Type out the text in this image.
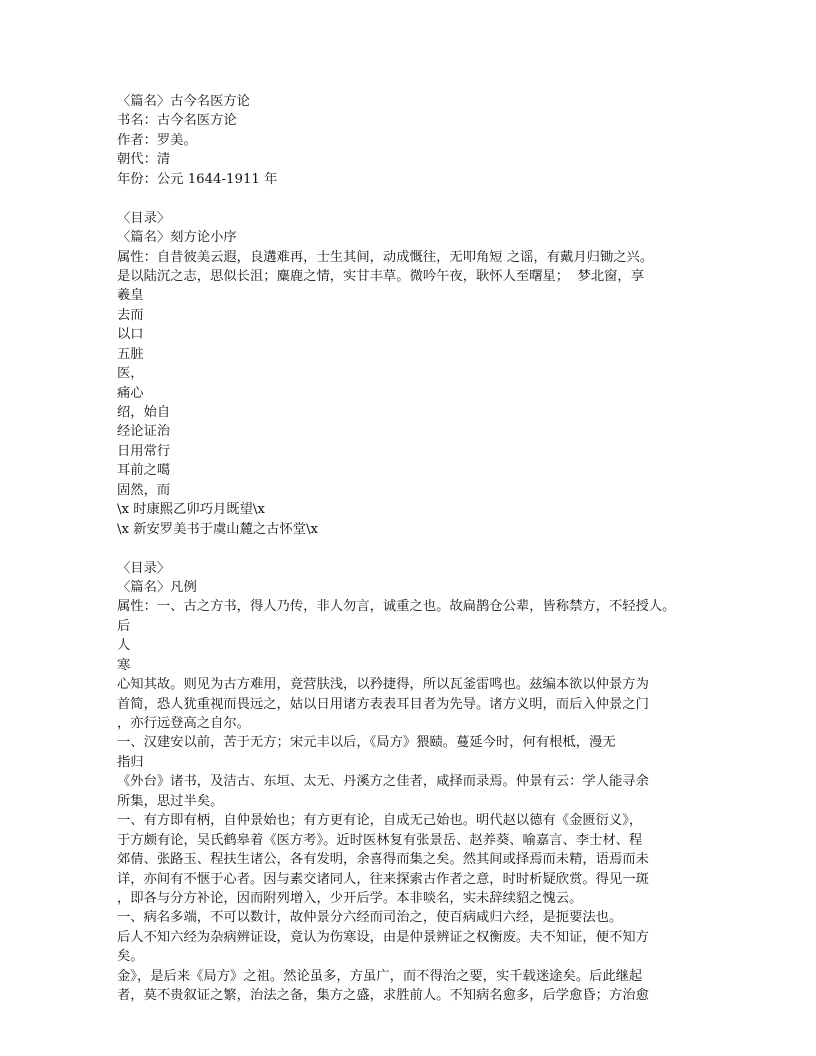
〈篇名〉古今名医方论
书名：古今名医方论
作者：罗美。
朝代：清
年份：公元 1644-1911 年
〈目录〉
〈篇名〉刻方论小序
属性：自昔彼美云遐，良遘难再，士生其间，动成慨往，无叩角短 之谣，有戴月归锄之兴。
是以陆沉之志，思似长沮；麋鹿之情，实甘丰草。微吟午夜，耿怀人至曙星；  梦北窗，享
羲皇
去而
以口
五脏
医，
痛心
绍，始自
经论证治
日用常行
耳前之噶
固然，而
\x 时康熙乙卯巧月既望\x
\x 新安罗美书于虞山麓之古怀堂\x
〈目录〉
〈篇名〉凡例
属性：一、古之方书，得人乃传，非人勿言，诚重之也。故扁鹊仓公辈，皆称禁方，不轻授人。
后
人
寒
心知其故。则见为古方难用，竟营肤浅，以矜捷得，所以瓦釜雷鸣也。兹编本欲以仲景方为
首简，恐人犹重视而畏远之，姑以日用诸方表表耳目者为先导。诸方义明，而后入仲景之门
，亦行远登高之自尔。
一、汉建安以前，苦于无方；宋元丰以后，《局方》猥赜。蔓延今时，何有根柢，漫无
指归
《外台》诸书，及洁古、东垣、太无、丹溪方之佳者，咸择而录焉。仲景有云：学人能寻余
所集，思过半矣。
一、有方即有柄，自仲景始也；有方更有论，自成无己始也。明代赵以德有《金匮衍义》，
于方颇有论，吴氏鹤皋着《医方考》。近时医林复有张景岳、赵养葵、喻嘉言、李士材、程
郊倩、张路玉、程扶生诸公，各有发明，余喜得而集之矣。然其间或择焉而未精，语焉而未
详，亦间有不惬于心者。因与素交诸同人，往来探索古作者之意，时时析疑欣赏。得见一斑
，即各与分方补论，因而附列增入，少开后学。本非啖名，实未辞续貂之愧云。
一、病名多端，不可以数计，故仲景分六经而司治之，使百病咸归六经，是扼要法也。
后人不知六经为杂病辨证设，竟认为伤寒设，由是仲景辨证之权衡废。夫不知证，便不知方
矣。
金》，是后来《局方》之祖。然论虽多，方虽广，而不得治之要，实千载迷途矣。后此继起
者，莫不贵叙证之繁，治法之备，集方之盛，求胜前人。不知病名愈多，后学愈昏；方治愈
